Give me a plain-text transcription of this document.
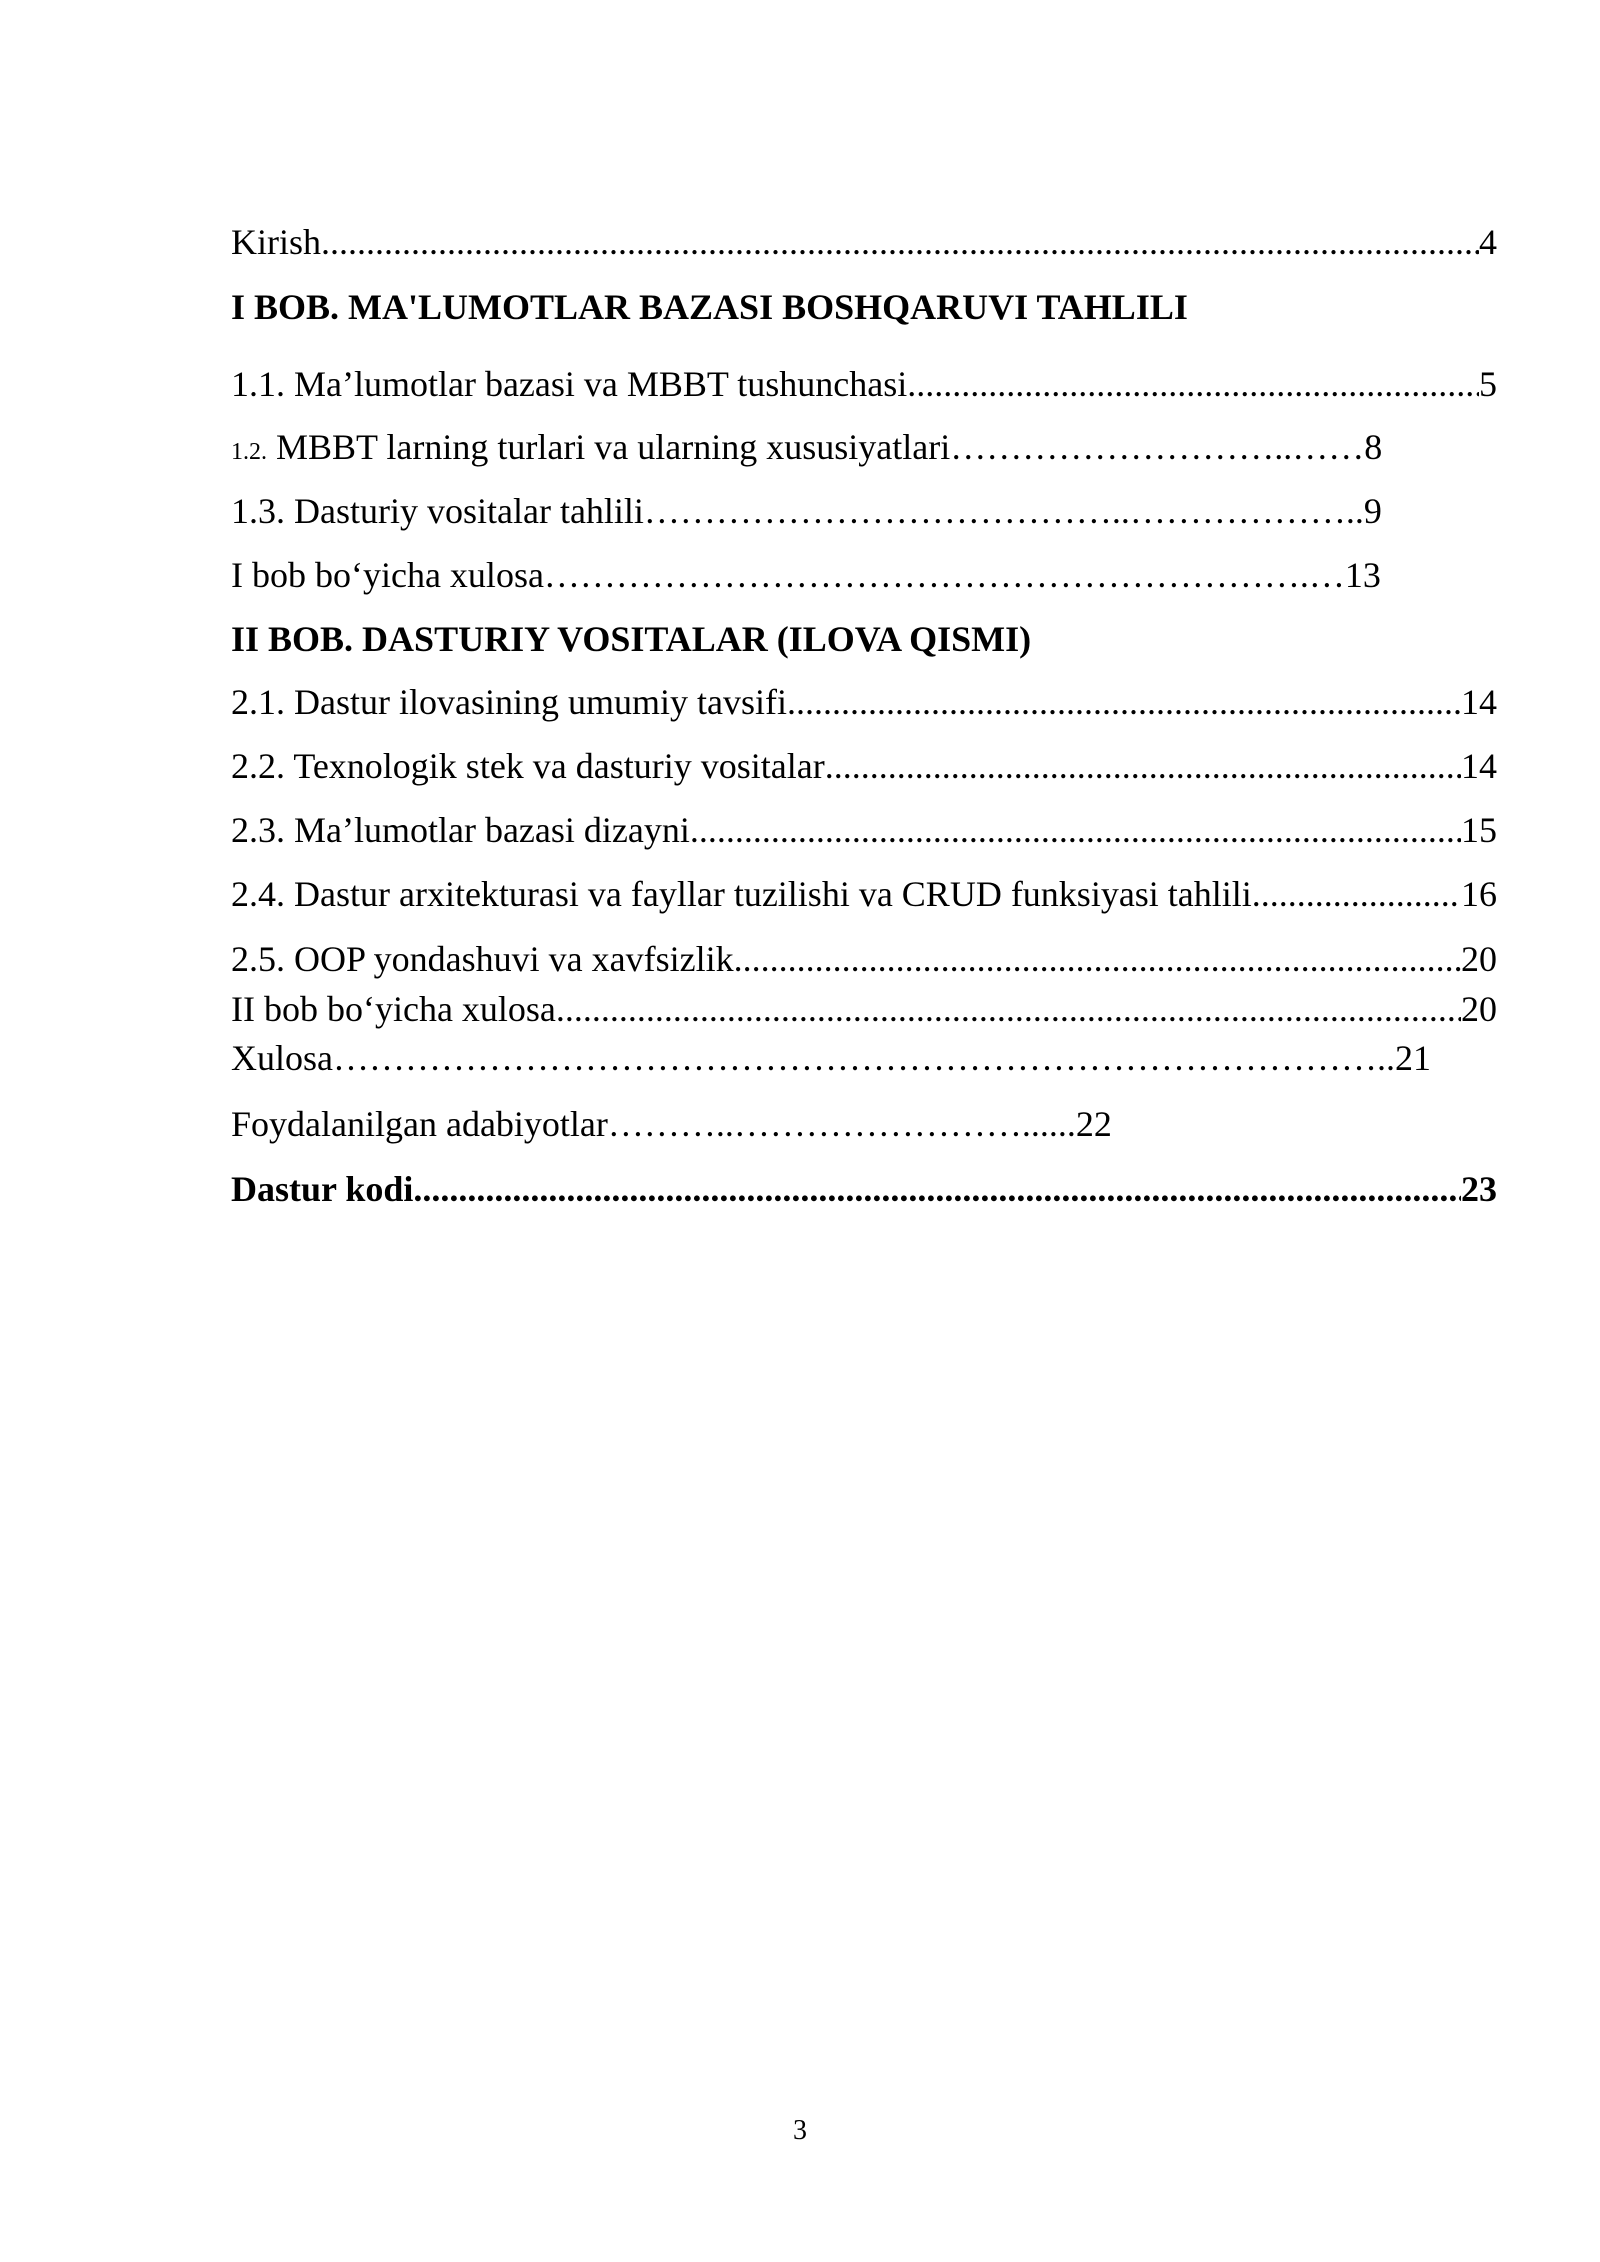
Kirish .....	4
I BOB. MA'LUMOTLAR BAZASI BOSHQARUVI TAHLILI
1.1. Ma’lumotlar bazasi va MBBT tushunchasi .....	5
1.2. MBBT larning turlari va ularning xususiyatlari………………………..……8
1.3. Dasturiy vositalar tahlili…………………………………..………………..9
I bob bo‘yicha xulosa……………………………………………………….…13
II BOB. DASTURIY VOSITALAR (ILOVA QISMI)
2.1. Dastur ilovasining umumiy tavsifi .....	14
2.2. Texnologik stek va dasturiy vositalar .....	14
2.3. Ma’lumotlar bazasi dizayni .....	15
2.4. Dastur arxitekturasi va fayllar tuzilishi va CRUD funksiyasi tahlili .....	16
2.5. OOP yondashuvi va xavfsizlik .....	20
II bob bo‘yicha xulosa .....	20
Xulosa……………………………………………………………………………..21
Foydalanilgan adabiyotlar………..……………………......22
Dastur kodi .....	23
3
